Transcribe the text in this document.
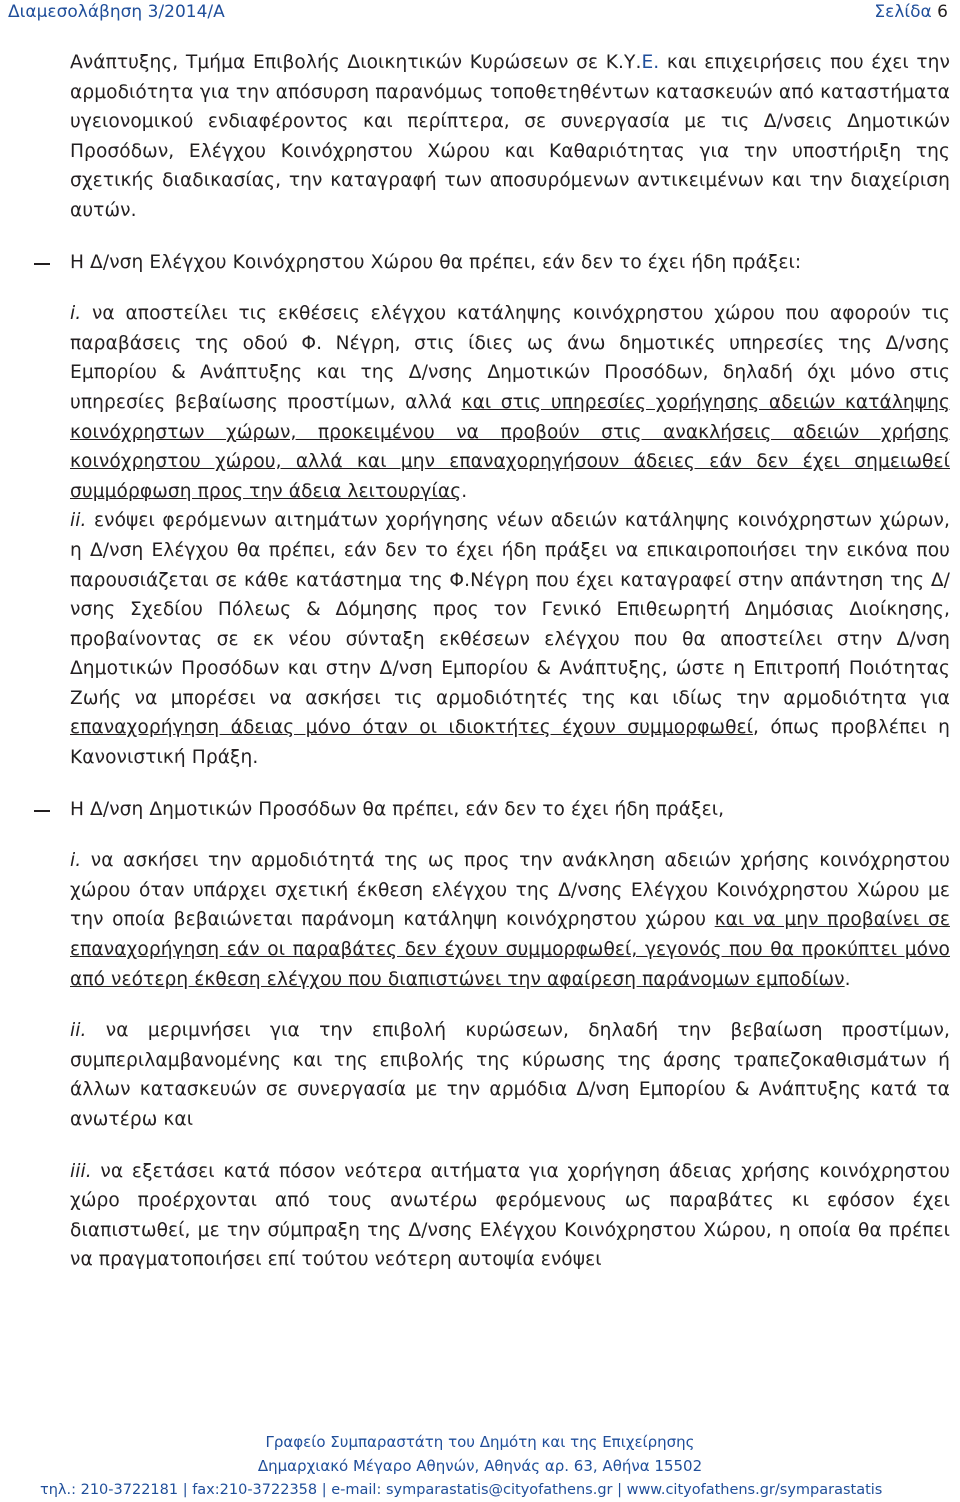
Διαμεσολάβηση 3/2014/Α	Σελίδα 6

Ανάπτυξης, Τμήμα Επιβολής Διοικητικών Κυρώσεων σε Κ.Υ.Ε. και επιχειρήσεις που έχει την αρμοδιότητα για την απόσυρση παρανόμως τοποθετηθέντων κατασκευών από καταστήματα υγειονομικού ενδιαφέροντος και περίπτερα, σε συνεργασία με τις Δ/νσεις Δημοτικών Προσόδων, Ελέγχου Κοινόχρηστου Χώρου και Καθαριότητας για την υποστήριξη της σχετικής διαδικασίας, την καταγραφή των αποσυρόμενων αντικειμένων και την διαχείριση αυτών.

Η Δ/νση Ελέγχου Κοινόχρηστου Χώρου θα πρέπει, εάν δεν το έχει ήδη πράξει:

i. να αποστείλει τις εκθέσεις ελέγχου κατάληψης κοινόχρηστου χώρου που αφορούν τις παραβάσεις της οδού Φ. Νέγρη, στις ίδιες ως άνω δημοτικές υπηρεσίες της Δ/νσης Εμπορίου & Ανάπτυξης και της Δ/νσης Δημοτικών Προσόδων, δηλαδή όχι μόνο στις υπηρεσίες βεβαίωσης προστίμων, αλλά και στις υπηρεσίες χορήγησης αδειών κατάληψης κοινόχρηστων χώρων, προκειμένου να προβούν στις ανακλήσεις αδειών χρήσης κοινόχρηστου χώρου, αλλά και μην επαναχορηγήσουν άδειες εάν δεν έχει σημειωθεί συμμόρφωση προς την άδεια λειτουργίας.

ii. ενόψει φερόμενων αιτημάτων χορήγησης νέων αδειών κατάληψης κοινόχρηστων χώρων, η Δ/νση Ελέγχου θα πρέπει, εάν δεν το έχει ήδη πράξει να επικαιροποιήσει την εικόνα που παρουσιάζεται σε κάθε κατάστημα της Φ.Νέγρη που έχει καταγραφεί στην απάντηση της Δ/νσης Σχεδίου Πόλεως & Δόμησης προς τον Γενικό Επιθεωρητή Δημόσιας Διοίκησης, προβαίνοντας σε εκ νέου σύνταξη εκθέσεων ελέγχου που θα αποστείλει στην Δ/νση Δημοτικών Προσόδων και στην Δ/νση Εμπορίου & Ανάπτυξης, ώστε η Επιτροπή Ποιότητας Ζωής να μπορέσει να ασκήσει τις αρμοδιότητές της και ιδίως την αρμοδιότητα για επαναχορήγηση άδειας μόνο όταν οι ιδιοκτήτες έχουν συμμορφωθεί, όπως προβλέπει η Κανονιστική Πράξη.

Η Δ/νση Δημοτικών Προσόδων θα πρέπει, εάν δεν το έχει ήδη πράξει,

i. να ασκήσει την αρμοδιότητά της ως προς την ανάκληση αδειών χρήσης κοινόχρηστου χώρου όταν υπάρχει σχετική έκθεση ελέγχου της Δ/νσης Ελέγχου Κοινόχρηστου Χώρου με την οποία βεβαιώνεται παράνομη κατάληψη κοινόχρηστου χώρου και να μην προβαίνει σε επαναχορήγηση εάν οι παραβάτες δεν έχουν συμμορφωθεί, γεγονός που θα προκύπτει μόνο από νεότερη έκθεση ελέγχου που διαπιστώνει την αφαίρεση παράνομων εμποδίων.

ii. να μεριμνήσει για την επιβολή κυρώσεων, δηλαδή την βεβαίωση προστίμων, συμπεριλαμβανομένης και της επιβολής της κύρωσης της άρσης τραπεζοκαθισμάτων ή άλλων κατασκευών σε συνεργασία με την αρμόδια Δ/νση Εμπορίου & Ανάπτυξης κατά τα ανωτέρω και

iii. να εξετάσει κατά πόσον νεότερα αιτήματα για χορήγηση άδειας χρήσης κοινόχρηστου χώρο προέρχονται από τους ανωτέρω φερόμενους ως παραβάτες κι εφόσον έχει διαπιστωθεί, με την σύμπραξη της Δ/νσης Ελέγχου Κοινόχρηστου Χώρου, η οποία θα πρέπει να πραγματοποιήσει επί τούτου νεότερη αυτοψία ενόψει

Γραφείο Συμπαραστάτη του Δημότη και της Επιχείρησης
Δημαρχιακό Μέγαρο Αθηνών, Αθηνάς αρ. 63, Αθήνα 15502
τηλ.: 210-3722181 | fax:210-3722358 | e-mail: symparastatis@cityofathens.gr | www.cityofathens.gr/symparastatis
